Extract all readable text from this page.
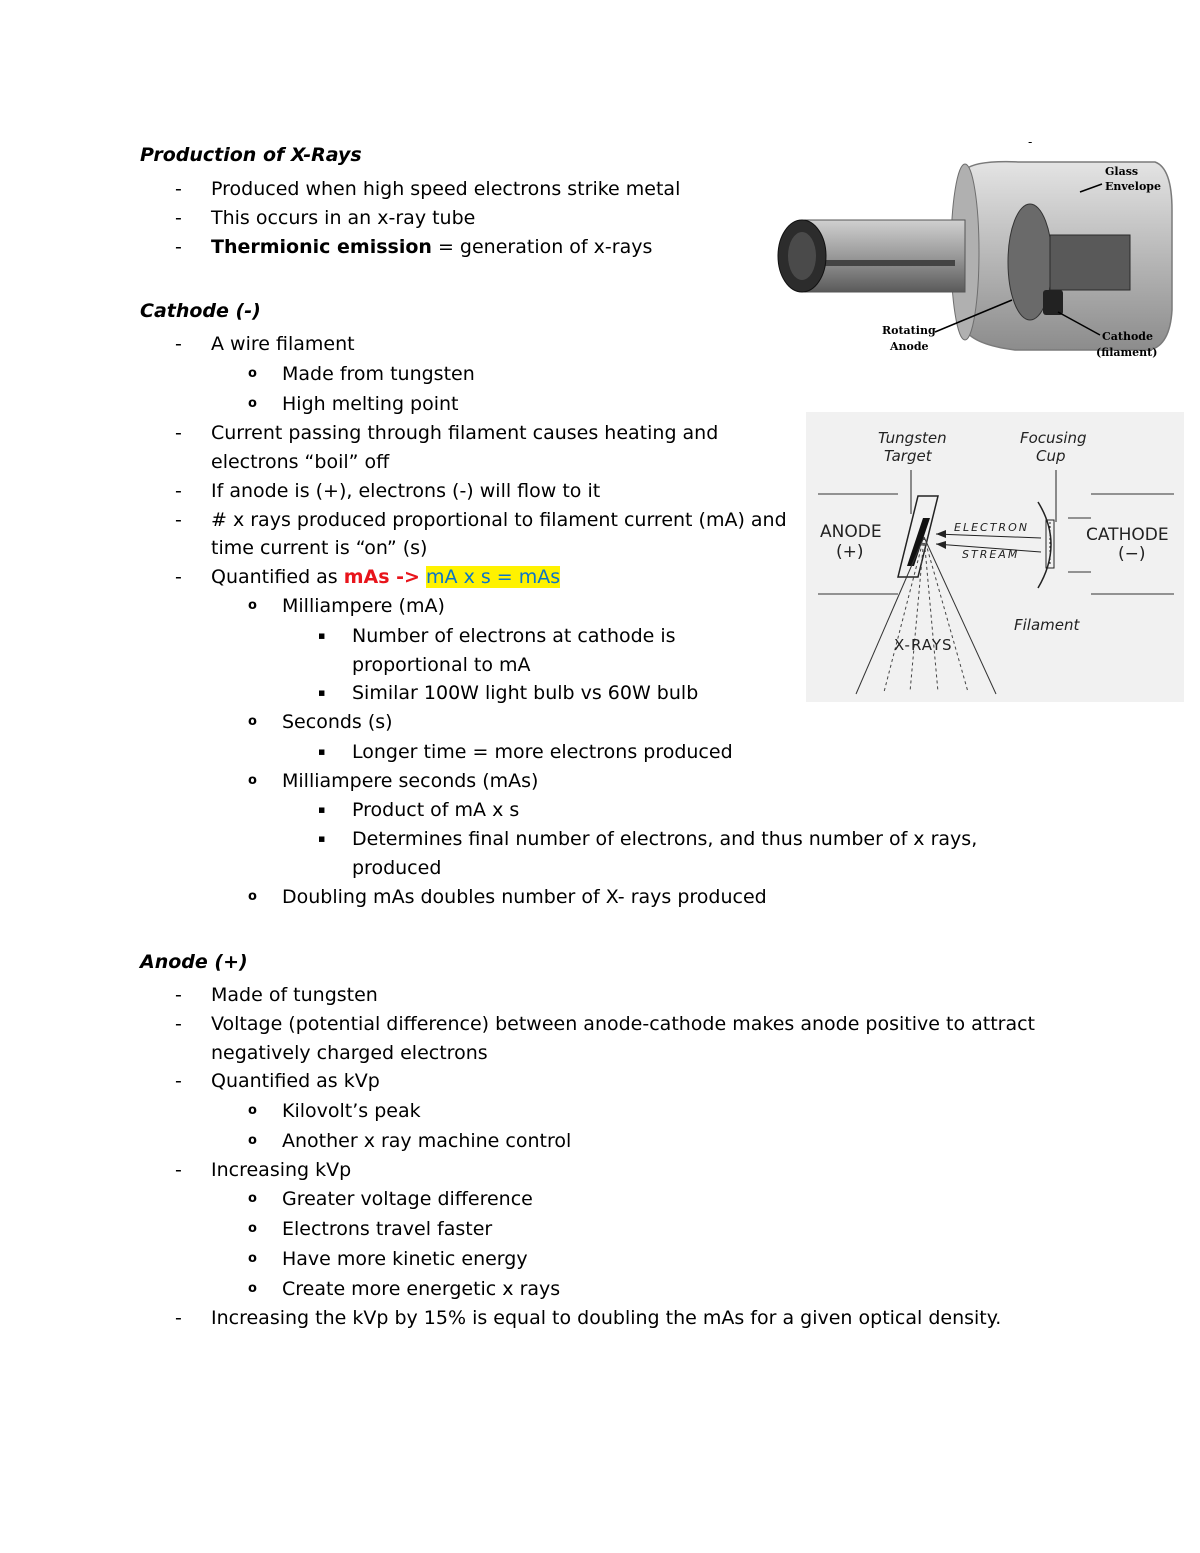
Production of X-Rays
- Produced when high speed electrons strike metal
- This occurs in an x-ray tube
- Thermionic emission = generation of x-rays
Cathode (-)
- A wire filament
o Made from tungsten
o High melting point
- Current passing through filament causes heating and
electrons “boil” off
- If anode is (+), electrons (-) will flow to it
- # x rays produced proportional to filament current (mA) and
time current is “on” (s)
- Quantified as mAs -> mA x s = mAs
o Milliampere (mA)
▪ Number of electrons at cathode is
proportional to mA
▪ Similar 100W light bulb vs 60W bulb
o Seconds (s)
▪ Longer time = more electrons produced
o Milliampere seconds (mAs)
▪ Product of mA x s
▪ Determines final number of electrons, and thus number of x rays,
produced
o Doubling mAs doubles number of X- rays produced
Anode (+)
- Made of tungsten
- Voltage (potential difference) between anode-cathode makes anode positive to attract
negatively charged electrons
- Quantified as kVp
o Kilovolt’s peak
o Another x ray machine control
- Increasing kVp
o Greater voltage difference
o Electrons travel faster
o Have more kinetic energy
o Create more energetic x rays
- Increasing the kVp by 15% is equal to doubling the mAs for a given optical density.
-
Glass
Envelope
Rotating
Anode
Cathode
(filament)
Tungsten
Target
Focusing
Cup
ANODE
(+)
CATHODE
(−)
ELECTRON
STREAM
Filament
X-RAYS
